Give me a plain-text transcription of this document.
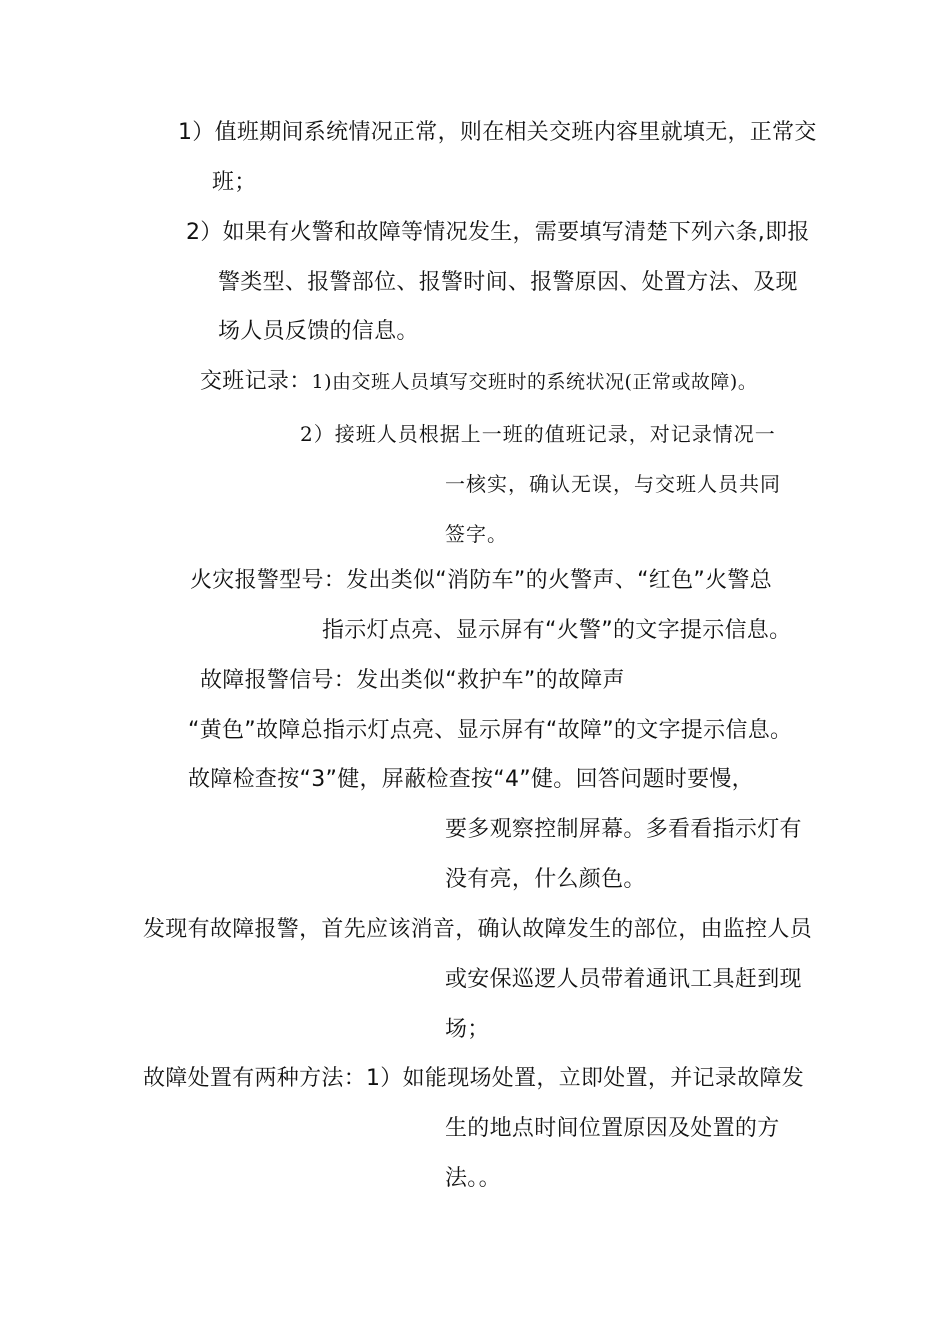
1）值班期间系统情况正常，则在相关交班内容里就填无，正常交
班；
2）如果有火警和故障等情况发生，需要填写清楚下列六条,即报
警类型、报警部位、报警时间、报警原因、处置方法、及现
场人员反馈的信息。
交班记录：1)由交班人员填写交班时的系统状况(正常或故障)。
2）接班人员根据上一班的值班记录，对记录情况一
一核实，确认无误，与交班人员共同
签字。
火灾报警型号：发出类似“消防车”的火警声、“红色”火警总
指示灯点亮、显示屏有“火警”的文字提示信息。
故障报警信号：发出类似“救护车”的故障声
“黄色”故障总指示灯点亮、显示屏有“故障”的文字提示信息。
故障检查按“3”健，屏蔽检查按“4”健。回答问题时要慢，
要多观察控制屏幕。多看看指示灯有
没有亮，什么颜色。
发现有故障报警，首先应该消音，确认故障发生的部位，由监控人员
或安保巡逻人员带着通讯工具赶到现
场；
故障处置有两种方法：1）如能现场处置，立即处置，并记录故障发
生的地点时间位置原因及处置的方
法。。
